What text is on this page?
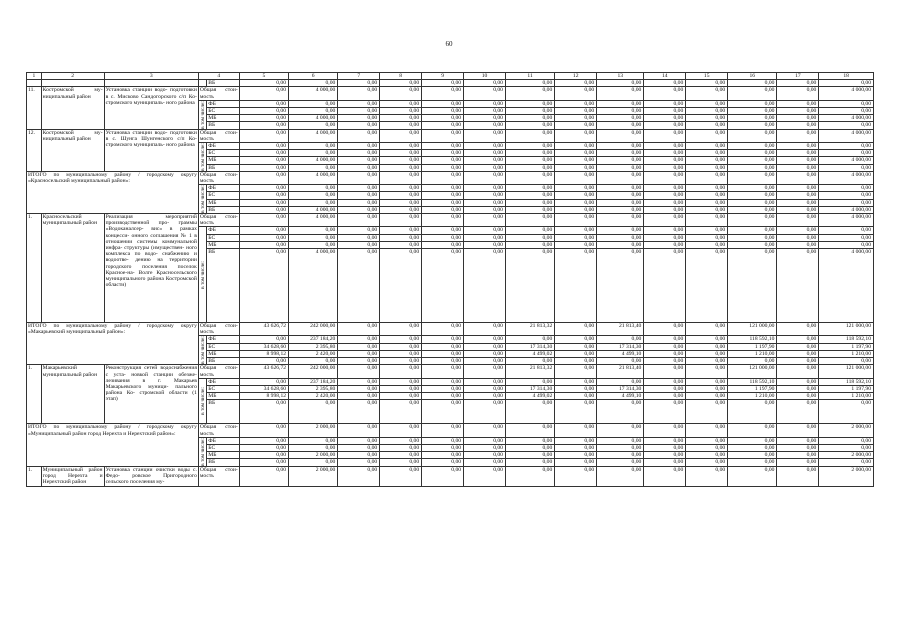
60
1	2	3	4		5	6	7	8	9	10	11	12	13	14	15	16	17	18
				ВБ	0,00	0,00	0,00	0,00	0,00	0,00	0,00	0,00	0,00	0,00	0,00	0,00	0,00	0,00
11.	Костромской му- ниципальный район	Установка станции водо- подготовки в с. Мисково Сандогорского с/п Ко- стромского муниципаль- ного района	Общая стои- мость		0,00	4 000,00	0,00	0,00	0,00	0,00	0,00	0,00	0,00	0,00	0,00	0,00	0,00	4 000,00

			в том числе:	ФБ	0,00	0,00	0,00	0,00	0,00	0,00	0,00	0,00	0,00	0,00	0,00	0,00	0,00	0,00
				БС	0,00	0,00	0,00	0,00	0,00	0,00	0,00	0,00	0,00	0,00	0,00	0,00	0,00	0,00
				МБ	0,00	4 000,00	0,00	0,00	0,00	0,00	0,00	0,00	0,00	0,00	0,00	0,00	0,00	4 000,00
				ВБ	0,00	0,00	0,00	0,00	0,00	0,00	0,00	0,00	0,00	0,00	0,00	0,00	0,00	0,00
12.	Костромской му- ниципальный район	Установка станции водо- подготовки в с. Шунга Шунгенского с/п Ко- стромского муниципаль- ного района	Общая стои- мость		0,00	4 000,00	0,00	0,00	0,00	0,00	0,00	0,00	0,00	0,00	0,00	0,00	0,00	4 000,00

			в том числе:	ФБ	0,00	0,00	0,00	0,00	0,00	0,00	0,00	0,00	0,00	0,00	0,00	0,00	0,00	0,00
				БС	0,00	0,00	0,00	0,00	0,00	0,00	0,00	0,00	0,00	0,00	0,00	0,00	0,00	0,00
				МБ	0,00	4 000,00	0,00	0,00	0,00	0,00	0,00	0,00	0,00	0,00	0,00	0,00	0,00	4 000,00
				ВБ	0,00	0,00	0,00	0,00	0,00	0,00	0,00	0,00	0,00	0,00	0,00	0,00	0,00	0,00
ИТОГО по муниципальному району / городскому округу «Красносельский муниципальный район»:			Общая стои- мость		0,00	4 000,00	0,00	0,00	0,00	0,00	0,00	0,00	0,00	0,00	0,00	0,00	0,00	4 000,00

			в том числе:	ФБ	0,00	0,00	0,00	0,00	0,00	0,00	0,00	0,00	0,00	0,00	0,00	0,00	0,00	0,00
				БС	0,00	0,00	0,00	0,00	0,00	0,00	0,00	0,00	0,00	0,00	0,00	0,00	0,00	0,00
				МБ	0,00	0,00	0,00	0,00	0,00	0,00	0,00	0,00	0,00	0,00	0,00	0,00	0,00	0,00
				ВБ	0,00	4 000,00	0,00	0,00	0,00	0,00	0,00	0,00	0,00	0,00	0,00	0,00	0,00	4 000,00
1.	Красносельский муниципальный район	Реализация мероприятий производственной про- граммы «Водоканалсер- вис» в рамках концесси- онного соглашения № 1 в отношении системы коммунальной инфра- структуры (имуществен- ного комплекса по водо- снабжению и водоотве- дению на территории городского поселения поселок Красное-на- Волге Красносельского муниципального района Костромской области)	Общая стои- мость		0,00	4 000,00	0,00	0,00	0,00	0,00	0,00	0,00	0,00	0,00	0,00	0,00	0,00	4 000,00

			в том числе:	ФБ	0,00	0,00	0,00	0,00	0,00	0,00	0,00	0,00	0,00	0,00	0,00	0,00	0,00	0,00
				БС	0,00	0,00	0,00	0,00	0,00	0,00	0,00	0,00	0,00	0,00	0,00	0,00	0,00	0,00
				МБ	0,00	0,00	0,00	0,00	0,00	0,00	0,00	0,00	0,00	0,00	0,00	0,00	0,00	0,00
				ВБ	0,00	4 000,00	0,00	0,00	0,00	0,00	0,00	0,00	0,00	0,00	0,00	0,00	0,00	4 000,00
ИТОГО по муниципальному району / городскому округу «Макарьевский муниципальный район»:			Общая стои- мость		43 626,72	242 000,00	0,00	0,00	0,00	0,00	21 813,32	0,00	21 813,40	0,00	0,00	121 000,00	0,00	121 000,00

			в том числе:	ФБ	0,00	237 184,20	0,00	0,00	0,00	0,00	0,00	0,00	0,00	0,00	0,00	118 592,10	0,00	118 592,10
				БС	34 628,60	2 395,80	0,00	0,00	0,00	0,00	17 314,30	0,00	17 314,30	0,00	0,00	1 197,90	0,00	1 197,90
				МБ	8 998,12	2 420,00	0,00	0,00	0,00	0,00	4 499,02	0,00	4 499,10	0,00	0,00	1 210,00	0,00	1 210,00
				ВБ	0,00	0,00	0,00	0,00	0,00	0,00	0,00	0,00	0,00	0,00	0,00	0,00	0,00	0,00
1.	Макарьевский муниципальный район	Реконструкция сетей водоснабжения с уста- новкой станции обезже- лезивания в г. Макарьев Макарьевского муници- пального района Ко- стромской области (1 этап)	Общая стои- мость		43 626,72	242 000,00	0,00	0,00	0,00	0,00	21 813,32	0,00	21 813,40	0,00	0,00	121 000,00	0,00	121 000,00

			в том числе:	ФБ	0,00	237 184,20	0,00	0,00	0,00	0,00	0,00	0,00	0,00	0,00	0,00	118 592,10	0,00	118 592,10
				БС	34 628,60	2 395,80	0,00	0,00	0,00	0,00	17 314,30	0,00	17 314,30	0,00	0,00	1 197,90	0,00	1 197,90
				МБ	8 998,12	2 420,00	0,00	0,00	0,00	0,00	4 499,02	0,00	4 499,10	0,00	0,00	1 210,00	0,00	1 210,00
				ВБ	0,00	0,00	0,00	0,00	0,00	0,00	0,00	0,00	0,00	0,00	0,00	0,00	0,00	0,00
ИТОГО по муниципальному району / городскому округу «Муниципальный район город Нерехта и Нерехтский район»:			Общая стои- мость		0,00	2 000,00	0,00	0,00	0,00	0,00	0,00	0,00	0,00	0,00	0,00	0,00	0,00	2 000,00

			в том числе:	ФБ	0,00	0,00	0,00	0,00	0,00	0,00	0,00	0,00	0,00	0,00	0,00	0,00	0,00	0,00
				БС	0,00	0,00	0,00	0,00	0,00	0,00	0,00	0,00	0,00	0,00	0,00	0,00	0,00	0,00
				МБ	0,00	2 000,00	0,00	0,00	0,00	0,00	0,00	0,00	0,00	0,00	0,00	0,00	0,00	2 000,00
				ВБ	0,00	0,00	0,00	0,00	0,00	0,00	0,00	0,00	0,00	0,00	0,00	0,00	0,00	0,00
1.	Муниципальный район город Нерехта и Нерехтский район	Установка станции очистки воды с. Федо- ровское Пригородного сельского поселения му-	Общая стои- мость		0,00	2 000,00	0,00	0,00	0,00	0,00	0,00	0,00	0,00	0,00	0,00	0,00	0,00	2 000,00
